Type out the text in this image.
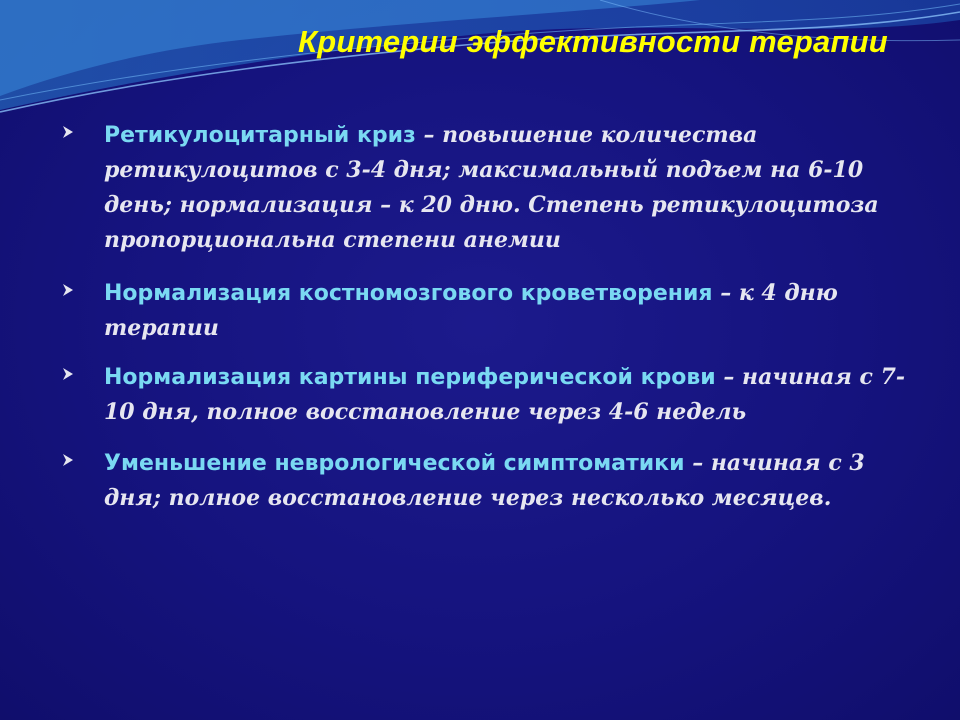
Критерии эффективности терапии

Ретикулоцитарный криз – повышение количества ретикулоцитов с 3-4 дня; максимальный подъем на 6-10 день; нормализация – к 20 дню. Степень ретикулоцитоза пропорциональна степени анемии

Нормализация костномозгового кроветворения – к 4 дню терапии

Нормализация картины периферической крови – начиная с 7-10 дня, полное восстановление через 4-6 недель

Уменьшение неврологической симптоматики – начиная с 3 дня; полное восстановление через несколько месяцев.
